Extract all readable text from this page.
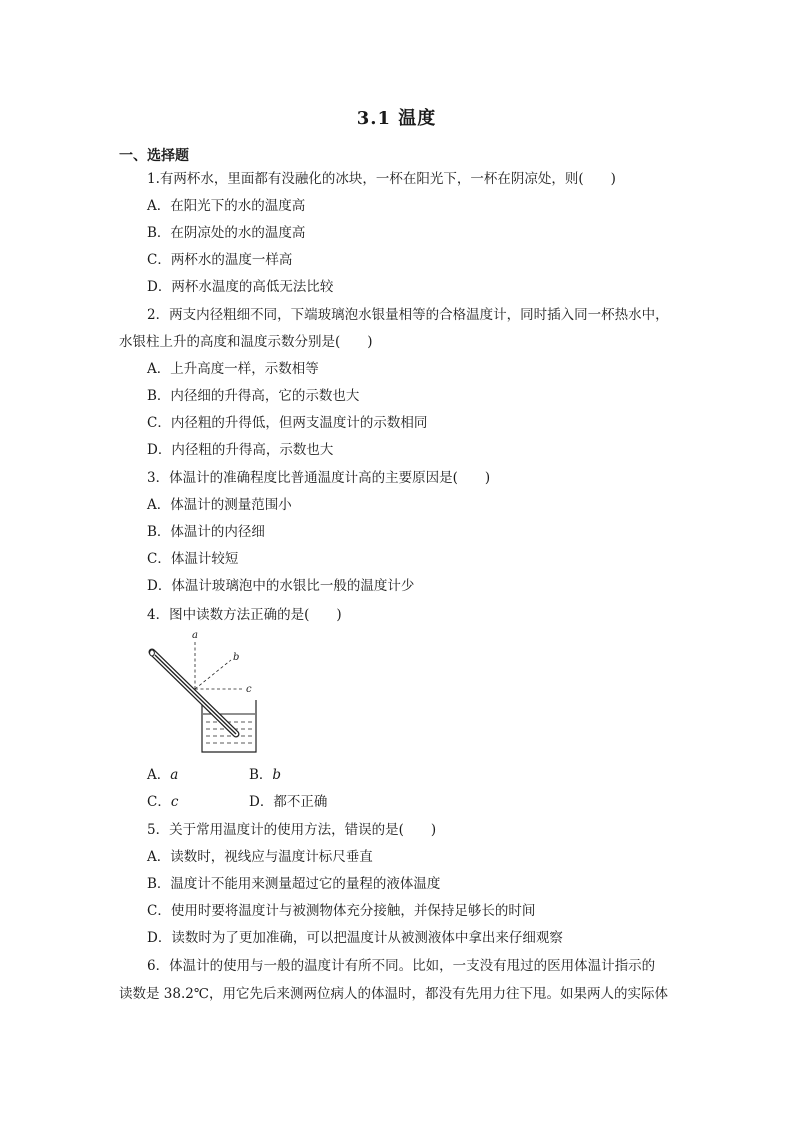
3.1 温度
一、选择题
1.有两杯水，里面都有没融化的冰块，一杯在阳光下，一杯在阴凉处，则(　　)
A．在阳光下的水的温度高
B．在阴凉处的水的温度高
C．两杯水的温度一样高
D．两杯水温度的高低无法比较
2．两支内径粗细不同，下端玻璃泡水银量相等的合格温度计，同时插入同一杯热水中，
水银柱上升的高度和温度示数分别是(　　)
A．上升高度一样，示数相等
B．内径细的升得高，它的示数也大
C．内径粗的升得低，但两支温度计的示数相同
D．内径粗的升得高，示数也大
3．体温计的准确程度比普通温度计高的主要原因是(　　)
A．体温计的测量范围小
B．体温计的内径细
C．体温计较短
D．体温计玻璃泡中的水银比一般的温度计少
4．图中读数方法正确的是(　　)
a
b
c
A．a	B．b
C．c	D．都不正确
5．关于常用温度计的使用方法，错误的是(　　)
A．读数时，视线应与温度计标尺垂直
B．温度计不能用来测量超过它的量程的液体温度
C．使用时要将温度计与被测物体充分接触，并保持足够长的时间
D．读数时为了更加准确，可以把温度计从被测液体中拿出来仔细观察
6．体温计的使用与一般的温度计有所不同。比如，一支没有甩过的医用体温计指示的
读数是 38.2℃，用它先后来测两位病人的体温时，都没有先用力往下甩。如果两人的实际体
